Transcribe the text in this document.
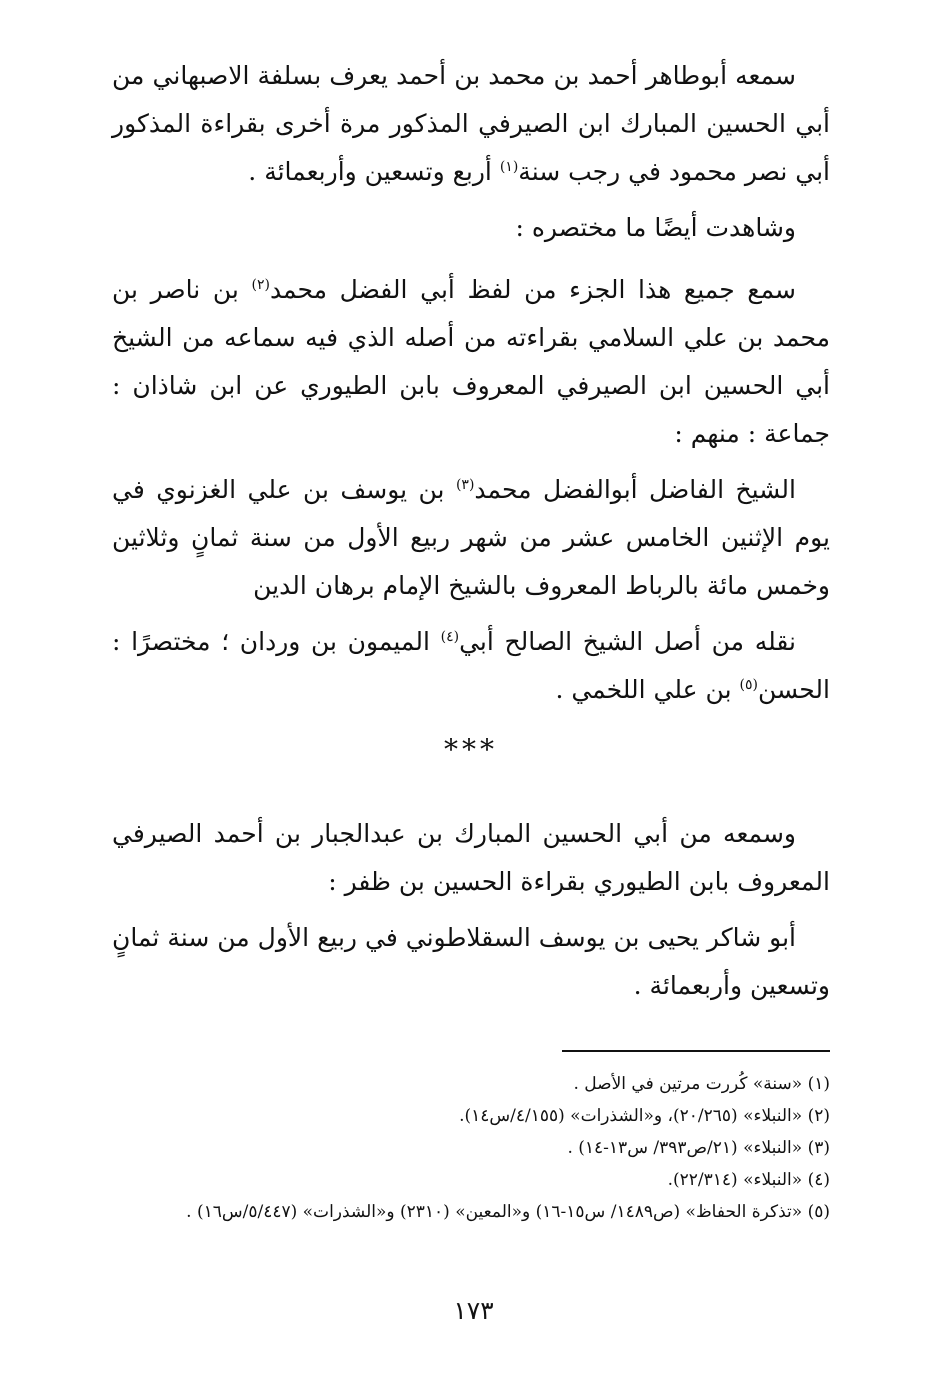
سمعه أبوطاهر أحمد بن محمد بن أحمد يعرف بسلفة الاصبهاني من أبي الحسين المبارك ابن الصيرفي المذكور مرة أخرى بقراءة المذكور أبي نصر محمود في رجب سنة$^{(١)}$ أربع وتسعين وأربعمائة .

وشاهدت أيضًا ما مختصره :

سمع جميع هذا الجزء من لفظ أبي الفضل محمد$^{(٢)}$ بن ناصر بن محمد بن علي السلامي بقراءته من أصله الذي فيه سماعه من الشيخ أبي الحسين ابن الصيرفي المعروف بابن الطيوري عن ابن شاذان : جماعة : منهم :

الشيخ الفاضل أبوالفضل محمد$^{(٣)}$ بن يوسف بن علي الغزنوي في يوم الإثنين الخامس عشر من شهر ربيع الأول من سنة ثمانٍ وثلاثين وخمس مائة بالرباط المعروف بالشيخ الإمام برهان الدين

نقله من أصل الشيخ الصالح أبي$^{(٤)}$ الميمون بن وردان ؛ مختصرًا : الحسن$^{(٥)}$ بن علي اللخمي .

***

وسمعه من أبي الحسين المبارك بن عبدالجبار بن أحمد الصيرفي المعروف بابن الطيوري بقراءة الحسين بن ظفر :

أبو شاكر يحيى بن يوسف السقلاطوني في ربيع الأول من سنة ثمانٍ وتسعين وأربعمائة .

(١) «سنة» كُررت مرتين في الأصل .
(٢) «النبلاء» (٢٠/٢٦٥)، و«الشذرات» (٤/١٥٥/س١٤).
(٣) «النبلاء» (٢١/ص٣٩٣/ س١٣-١٤) .
(٤) «النبلاء» (٢٢/٣١٤).
(٥) «تذكرة الحفاظ» (ص١٤٨٩/ س١٥-١٦) و«المعين» (٢٣١٠) و«الشذرات» (٥/٤٤٧/س١٦) .
١٧٣
